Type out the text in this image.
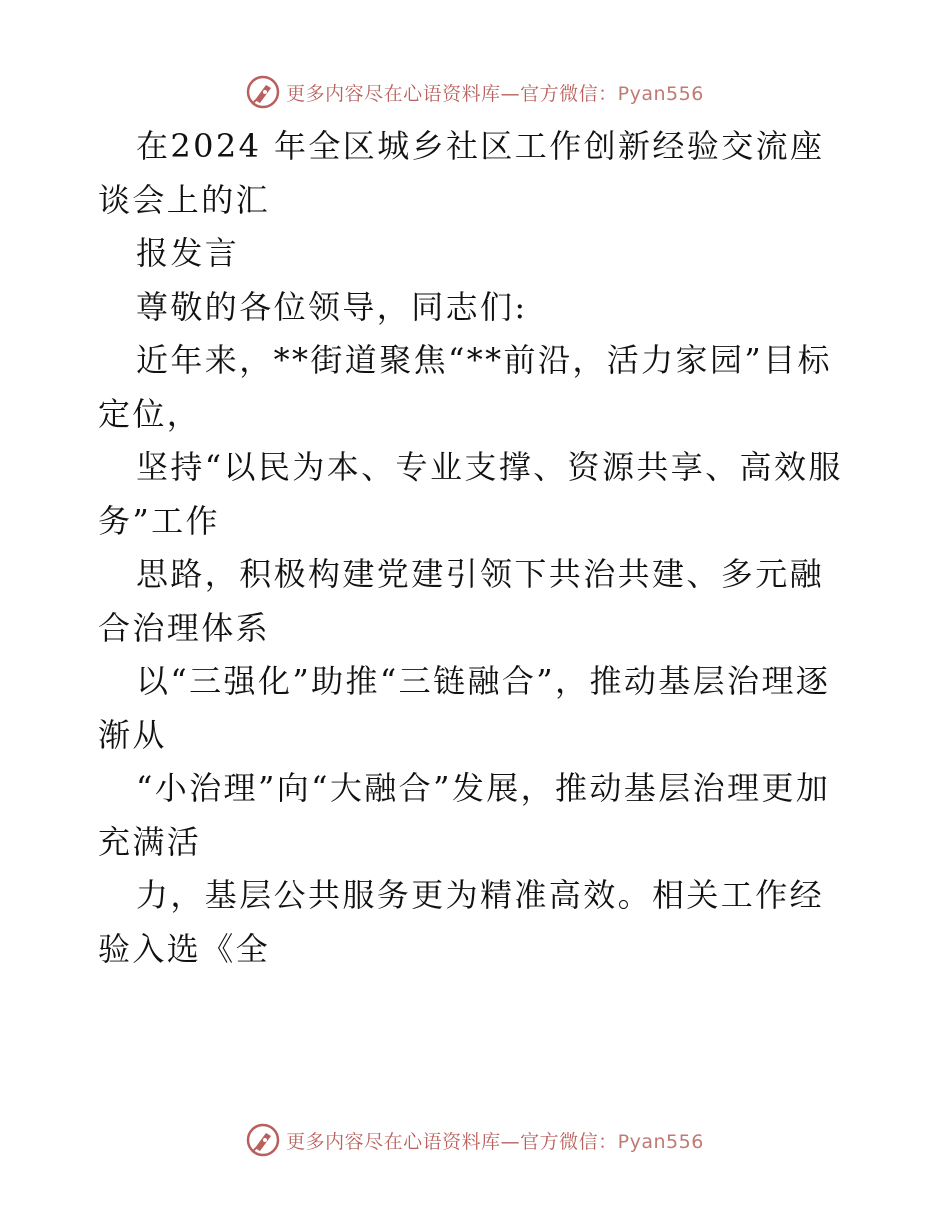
更多内容尽在心语资料库—官方微信：Pyan556

在2024 年全区城乡社区工作创新经验交流座谈会上的汇

报发言

尊敬的各位领导，同志们:

近年来，**街道聚焦“**前沿，活力家园”目标定位，

坚持“以民为本、专业支撑、资源共享、高效服务”工作

思路，积极构建党建引领下共治共建、多元融合治理体系

以“三强化”助推“三链融合”，推动基层治理逐渐从

“小治理”向“大融合”发展，推动基层治理更加充满活

力，基层公共服务更为精准高效。相关工作经验入选《全

更多内容尽在心语资料库—官方微信：Pyan556
